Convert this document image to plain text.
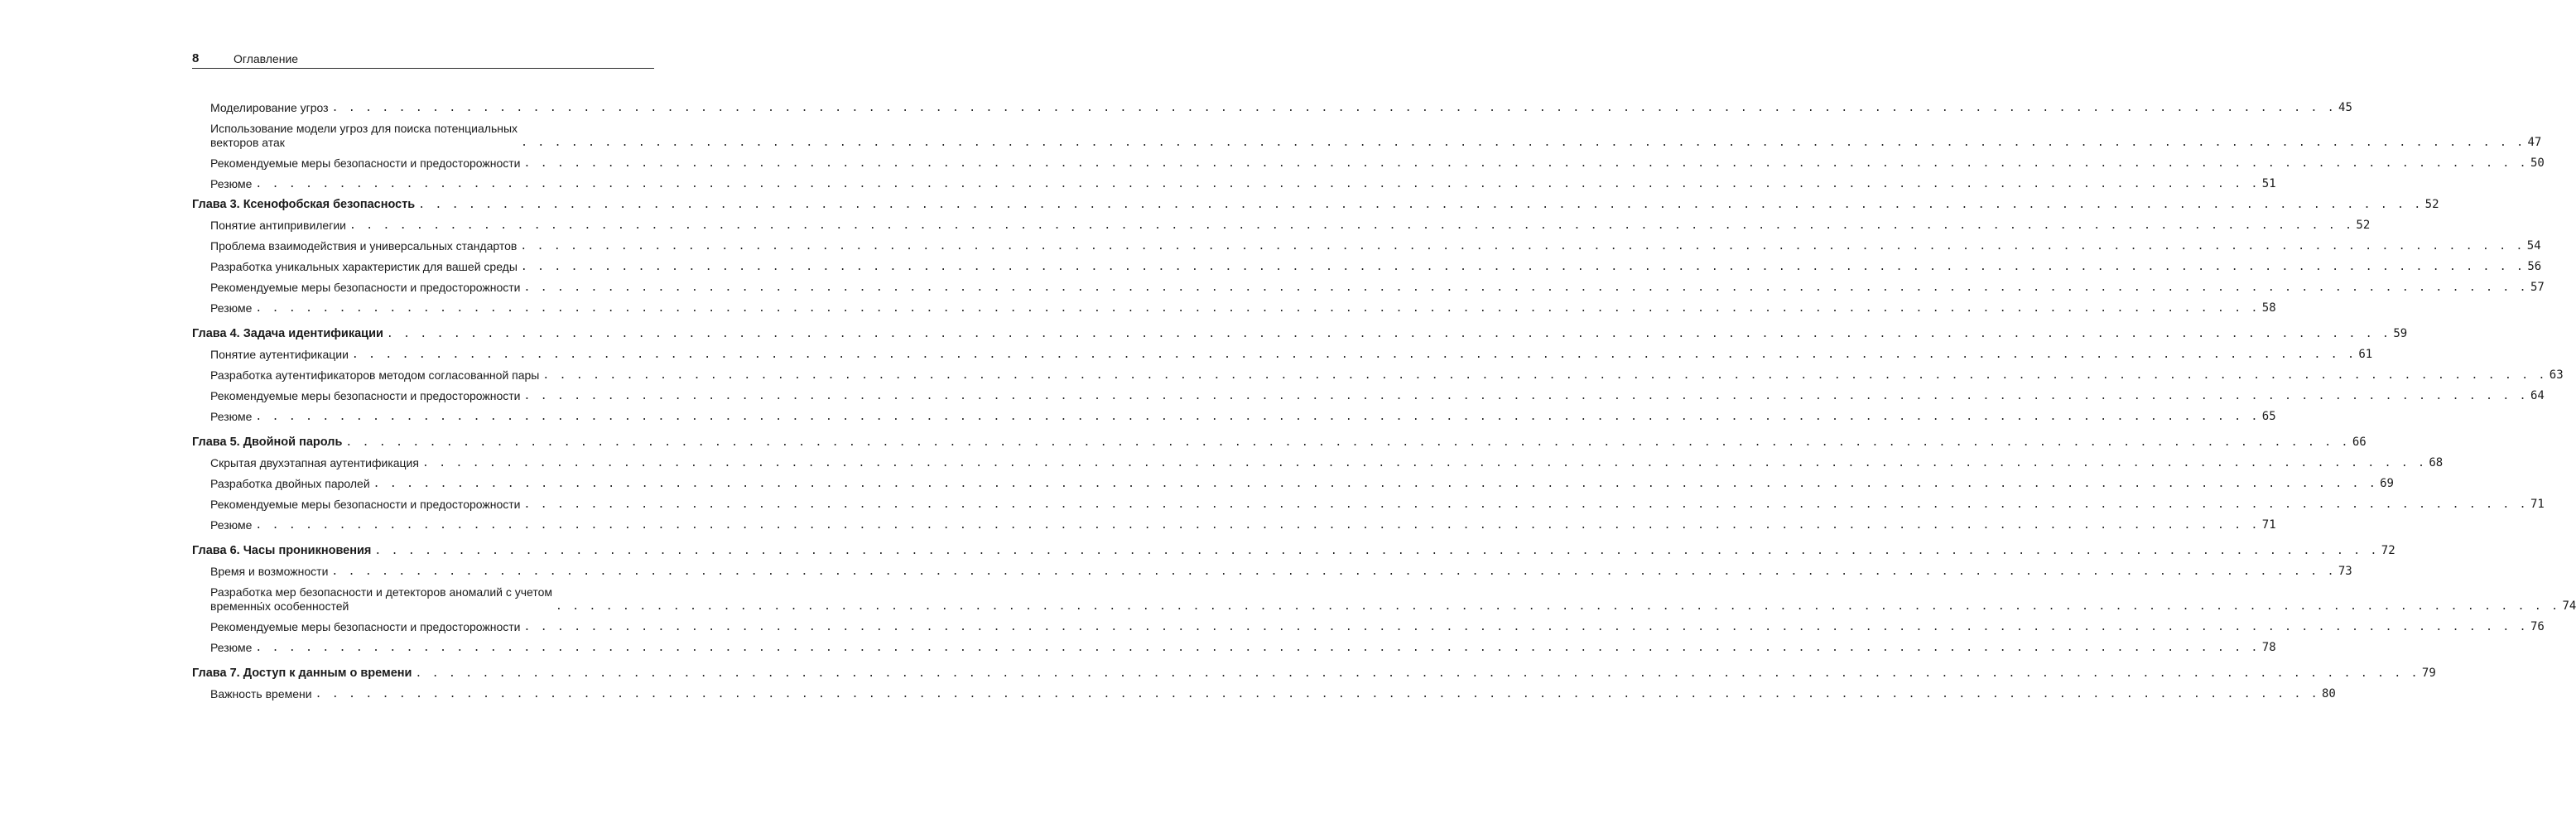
8	Оглавление
Моделирование угроз . . . . . . . . . . . . . . . . . . . . . . . . . . . . . . . . . . . . . . . . . . . . . . . . . . . . . . . . . . . . . . . . . . . . . . . . . . . . . . . . . . . . . . . . . . . . . . . . . . . . . . . . . . . . . . . . . . . . . . . . 45
Использование модели угроз для поиска потенциальных
векторов атак	. . . . . . . . . . . . . . . . . . . . . . . . . . . . . . . . . . . . . . . . . . . . . . . . . . . . . . . . . . . . . . . . . . . . . . . . . . . . . . . . . . . . . . . . . . . . . . . . . . . . . . . . . . . . . . . . . . . . . . . . 47
Рекомендуемые меры безопасности и предосторожности . . . . . . . . . . . . . . . . . . . . . . . . . . . . . . . . . . . . . . . . . . . . . . . . . . . . . . . . . . . . . . . . . . . . . . . . . . . . . . . . . . . . . . . . . . . . . . . . . . . . . . . . . . . . . . . . . . . . . . . . 50
Резюме . . . . . . . . . . . . . . . . . . . . . . . . . . . . . . . . . . . . . . . . . . . . . . . . . . . . . . . . . . . . . . . . . . . . . . . . . . . . . . . . . . . . . . . . . . . . . . . . . . . . . . . . . . . . . . . . . . . . . . . . 51
Глава 3. Ксенофобская безопасность . . . . . . . . . . . . . . . . . . . . . . . . . . . . . . . . . . . . . . . . . . . . . . . . . . . . . . . . . . . . . . . . . . . . . . . . . . . . . . . . . . . . . . . . . . . . . . . . . . . . . . . . . . . . . . . . . . . . . . . . 52
Понятие антипривилегии . . . . . . . . . . . . . . . . . . . . . . . . . . . . . . . . . . . . . . . . . . . . . . . . . . . . . . . . . . . . . . . . . . . . . . . . . . . . . . . . . . . . . . . . . . . . . . . . . . . . . . . . . . . . . . . . . . . . . . . . 52
Проблема взаимодействия и универсальных стандартов . . . . . . . . . . . . . . . . . . . . . . . . . . . . . . . . . . . . . . . . . . . . . . . . . . . . . . . . . . . . . . . . . . . . . . . . . . . . . . . . . . . . . . . . . . . . . . . . . . . . . . . . . . . . . . . . . . . . . . . . 54
Разработка уникальных характеристик для вашей среды . . . . . . . . . . . . . . . . . . . . . . . . . . . . . . . . . . . . . . . . . . . . . . . . . . . . . . . . . . . . . . . . . . . . . . . . . . . . . . . . . . . . . . . . . . . . . . . . . . . . . . . . . . . . . . . . . . . . . . . . 56
Рекомендуемые меры безопасности и предосторожности . . . . . . . . . . . . . . . . . . . . . . . . . . . . . . . . . . . . . . . . . . . . . . . . . . . . . . . . . . . . . . . . . . . . . . . . . . . . . . . . . . . . . . . . . . . . . . . . . . . . . . . . . . . . . . . . . . . . . . . . 57
Резюме . . . . . . . . . . . . . . . . . . . . . . . . . . . . . . . . . . . . . . . . . . . . . . . . . . . . . . . . . . . . . . . . . . . . . . . . . . . . . . . . . . . . . . . . . . . . . . . . . . . . . . . . . . . . . . . . . . . . . . . . 58
Глава 4. Задача идентификации . . . . . . . . . . . . . . . . . . . . . . . . . . . . . . . . . . . . . . . . . . . . . . . . . . . . . . . . . . . . . . . . . . . . . . . . . . . . . . . . . . . . . . . . . . . . . . . . . . . . . . . . . . . . . . . . . . . . . . . . 59
Понятие аутентификации . . . . . . . . . . . . . . . . . . . . . . . . . . . . . . . . . . . . . . . . . . . . . . . . . . . . . . . . . . . . . . . . . . . . . . . . . . . . . . . . . . . . . . . . . . . . . . . . . . . . . . . . . . . . . . . . . . . . . . . . 61
Разработка аутентификаторов методом согласованной пары . . . . . . . . . . . . . . . . . . . . . . . . . . . . . . . . . . . . . . . . . . . . . . . . . . . . . . . . . . . . . . . . . . . . . . . . . . . . . . . . . . . . . . . . . . . . . . . . . . . . . . . . . . . . . . . . . . . . . . . . 63
Рекомендуемые меры безопасности и предосторожности . . . . . . . . . . . . . . . . . . . . . . . . . . . . . . . . . . . . . . . . . . . . . . . . . . . . . . . . . . . . . . . . . . . . . . . . . . . . . . . . . . . . . . . . . . . . . . . . . . . . . . . . . . . . . . . . . . . . . . . . 64
Резюме . . . . . . . . . . . . . . . . . . . . . . . . . . . . . . . . . . . . . . . . . . . . . . . . . . . . . . . . . . . . . . . . . . . . . . . . . . . . . . . . . . . . . . . . . . . . . . . . . . . . . . . . . . . . . . . . . . . . . . . . 65
Глава 5. Двойной пароль . . . . . . . . . . . . . . . . . . . . . . . . . . . . . . . . . . . . . . . . . . . . . . . . . . . . . . . . . . . . . . . . . . . . . . . . . . . . . . . . . . . . . . . . . . . . . . . . . . . . . . . . . . . . . . . . . . . . . . . . 66
Скрытая двухэтапная аутентификация . . . . . . . . . . . . . . . . . . . . . . . . . . . . . . . . . . . . . . . . . . . . . . . . . . . . . . . . . . . . . . . . . . . . . . . . . . . . . . . . . . . . . . . . . . . . . . . . . . . . . . . . . . . . . . . . . . . . . . . . 68
Разработка двойных паролей . . . . . . . . . . . . . . . . . . . . . . . . . . . . . . . . . . . . . . . . . . . . . . . . . . . . . . . . . . . . . . . . . . . . . . . . . . . . . . . . . . . . . . . . . . . . . . . . . . . . . . . . . . . . . . . . . . . . . . . . 69
Рекомендуемые меры безопасности и предосторожности . . . . . . . . . . . . . . . . . . . . . . . . . . . . . . . . . . . . . . . . . . . . . . . . . . . . . . . . . . . . . . . . . . . . . . . . . . . . . . . . . . . . . . . . . . . . . . . . . . . . . . . . . . . . . . . . . . . . . . . . 71
Резюме . . . . . . . . . . . . . . . . . . . . . . . . . . . . . . . . . . . . . . . . . . . . . . . . . . . . . . . . . . . . . . . . . . . . . . . . . . . . . . . . . . . . . . . . . . . . . . . . . . . . . . . . . . . . . . . . . . . . . . . . 71
Глава 6. Часы проникновения . . . . . . . . . . . . . . . . . . . . . . . . . . . . . . . . . . . . . . . . . . . . . . . . . . . . . . . . . . . . . . . . . . . . . . . . . . . . . . . . . . . . . . . . . . . . . . . . . . . . . . . . . . . . . . . . . . . . . . . . 72
Время и возможности . . . . . . . . . . . . . . . . . . . . . . . . . . . . . . . . . . . . . . . . . . . . . . . . . . . . . . . . . . . . . . . . . . . . . . . . . . . . . . . . . . . . . . . . . . . . . . . . . . . . . . . . . . . . . . . . . . . . . . . . 73
Разработка мер безопасности и детекторов аномалий с учетом
временны́х особенностей	. . . . . . . . . . . . . . . . . . . . . . . . . . . . . . . . . . . . . . . . . . . . . . . . . . . . . . . . . . . . . . . . . . . . . . . . . . . . . . . . . . . . . . . . . . . . . . . . . . . . . . . . . . . . . . . . . . . . . . . . 74
Рекомендуемые меры безопасности и предосторожности . . . . . . . . . . . . . . . . . . . . . . . . . . . . . . . . . . . . . . . . . . . . . . . . . . . . . . . . . . . . . . . . . . . . . . . . . . . . . . . . . . . . . . . . . . . . . . . . . . . . . . . . . . . . . . . . . . . . . . . . 76
Резюме . . . . . . . . . . . . . . . . . . . . . . . . . . . . . . . . . . . . . . . . . . . . . . . . . . . . . . . . . . . . . . . . . . . . . . . . . . . . . . . . . . . . . . . . . . . . . . . . . . . . . . . . . . . . . . . . . . . . . . . . 78
Глава 7. Доступ к данным о времени . . . . . . . . . . . . . . . . . . . . . . . . . . . . . . . . . . . . . . . . . . . . . . . . . . . . . . . . . . . . . . . . . . . . . . . . . . . . . . . . . . . . . . . . . . . . . . . . . . . . . . . . . . . . . . . . . . . . . . . . 79
Важность времени . . . . . . . . . . . . . . . . . . . . . . . . . . . . . . . . . . . . . . . . . . . . . . . . . . . . . . . . . . . . . . . . . . . . . . . . . . . . . . . . . . . . . . . . . . . . . . . . . . . . . . . . . . . . . . . . . . . . . . . . 80
